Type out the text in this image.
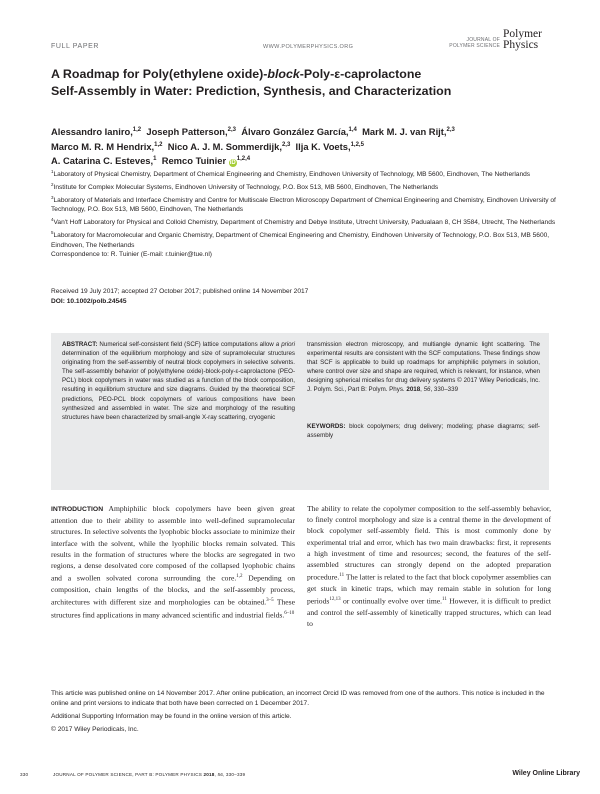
FULL PAPER	WWW.POLYMERPHYSICS.ORG
JOURNAL OF
POLYMER SCIENCE
Polymer
Physics
A Roadmap for Poly(ethylene oxide)-block-Poly-ε-caprolactone
Self-Assembly in Water: Prediction, Synthesis, and Characterization
Alessandro Ianiro,$^{1,2}$ Joseph Patterson,$^{2,3}$ Álvaro González García,$^{1,4}$ Mark M. J. van Rijt,$^{2,3}$
Marco M. R. M Hendrix,$^{1,2}$ Nico A. J. M. Sommerdijk,$^{2,3}$ Ilja K. Voets,$^{1,2,5}$
A. Catarina C. Esteves,$^1$ Remco Tuinier iD$^{1,2,4}$

$^1$Laboratory of Physical Chemistry, Department of Chemical Engineering and Chemistry, Eindhoven University of Technology, MB 5600, Eindhoven, The Netherlands

$^2$Institute for Complex Molecular Systems, Eindhoven University of Technology, P.O. Box 513, MB 5600, Eindhoven, The Netherlands

$^3$Laboratory of Materials and Interface Chemistry and Centre for Multiscale Electron Microscopy Department of Chemical Engineering and Chemistry, Eindhoven University of Technology, P.O. Box 513, MB 5600, Eindhoven, The Netherlands

$^4$Van't Hoff Laboratory for Physical and Colloid Chemistry, Department of Chemistry and Debye Institute, Utrecht University, Padualaan 8, CH 3584, Utrecht, The Netherlands

$^5$Laboratory for Macromolecular and Organic Chemistry, Department of Chemical Engineering and Chemistry, Eindhoven University of Technology, P.O. Box 513, MB 5600, Eindhoven, The Netherlands

Correspondence to: R. Tuinier (E-mail: r.tuinier@tue.nl)

Received 19 July 2017; accepted 27 October 2017; published online 14 November 2017

DOI: 10.1002/polb.24545

ABSTRACT: Numerical self-consistent field (SCF) lattice computations allow a priori determination of the equilibrium morphology and size of supramolecular structures originating from the self-assembly of neutral block copolymers in selective solvents. The self-assembly behavior of poly(ethylene oxide)-block-poly-ε-caprolactone (PEO-PCL) block copolymers in water was studied as a function of the block composition, resulting in equilibrium structure and size diagrams. Guided by the theoretical SCF predictions, PEO-PCL block copolymers of various compositions have been synthesized and assembled in water. The size and morphology of the resulting structures have been characterized by small-angle X-ray scattering, cryogenic

transmission electron microscopy, and multiangle dynamic light scattering. The experimental results are consistent with the SCF computations. These findings show that SCF is applicable to build up roadmaps for amphiphilic polymers in solution, where control over size and shape are required, which is relevant, for instance, when designing spherical micelles for drug delivery systems © 2017 Wiley Periodicals, Inc. J. Polym. Sci., Part B: Polym. Phys. 2018, 56, 330–339

KEYWORDS: block copolymers; drug delivery; modeling; phase diagrams; self-assembly

INTRODUCTION Amphiphilic block copolymers have been given great attention due to their ability to assemble into well-defined supramolecular structures. In selective solvents the lyophobic blocks associate to minimize their interface with the solvent, while the lyophilic blocks remain solvated. This results in the formation of structures where the blocks are segregated in two regions, a dense desolvated core composed of the collapsed lyophobic chains and a swollen solvated corona surrounding the core.$^{1,2}$ Depending on composition, chain lengths of the blocks, and the self-assembly process, architectures with different size and morphologies can be obtained.$^{3-5}$ These structures find applications in many advanced scientific and industrial fields.$^{6-10}$
The ability to relate the copolymer composition to the self-assembly behavior, to finely control morphology and size is a central theme in the development of block copolymer self-assembly field. This is most commonly done by experimental trial and error, which has two main drawbacks: first, it represents a high investment of time and resources; second, the features of the self-assembled structures can strongly depend on the adopted preparation procedure.$^{11}$ The latter is related to the fact that block copolymer assemblies can get stuck in kinetic traps, which may remain stable in solution for long periods$^{12,13}$ or continually evolve over time.$^{11}$ However, it is difficult to predict and control the self-assembly of kinetically trapped structures, which can lead to

This article was published online on 14 November 2017. After online publication, an incorrect Orcid ID was removed from one of the authors. This notice is included in the online and print versions to indicate that both have been corrected on 1 December 2017.

Additional Supporting Information may be found in the online version of this article.

© 2017 Wiley Periodicals, Inc.

330	JOURNAL OF POLYMER SCIENCE, PART B: POLYMER PHYSICS 2018, 56, 330–339	Wiley Online Library
